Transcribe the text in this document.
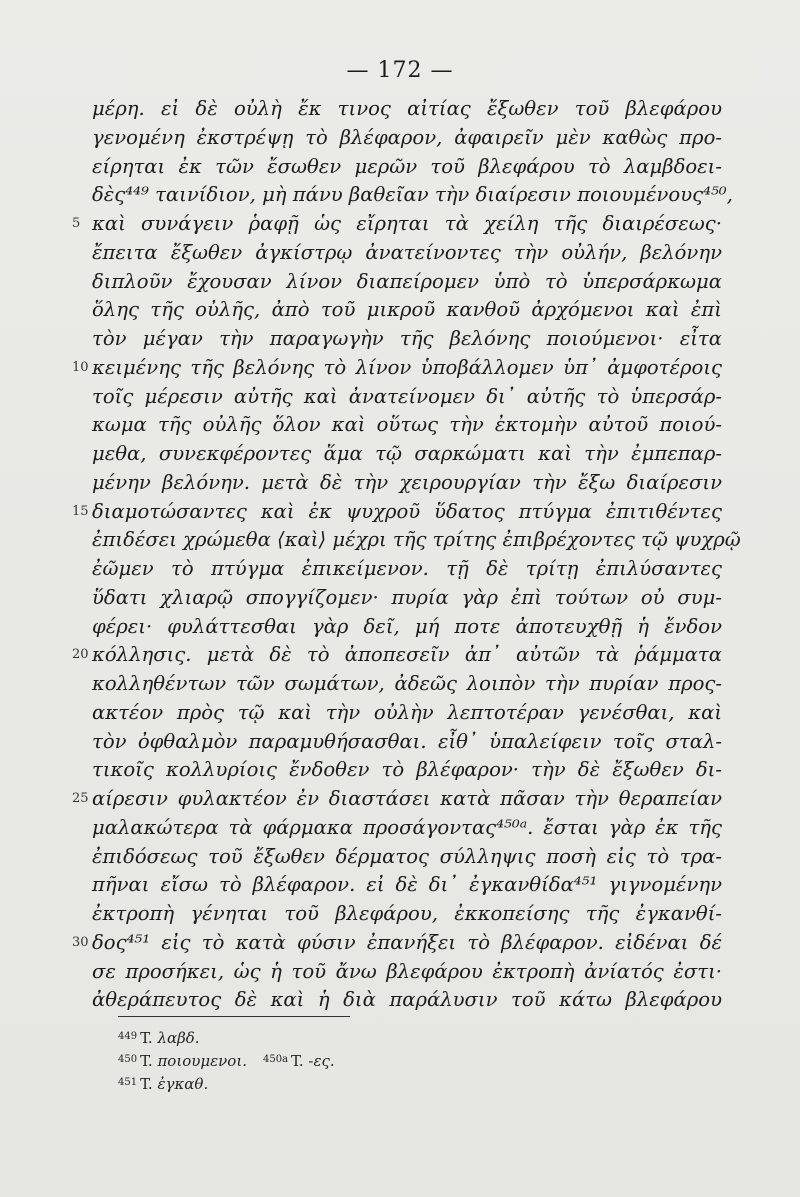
— 172 —
μέρη. εἰ δὲ οὐλὴ ἔκ τινος αἰτίας ἔξωθεν τοῦ βλεφάρου
γενομένη ἐκστρέψῃ τὸ βλέφαρον, ἀφαιρεῖν μὲν καθὼς προ-
είρηται ἐκ τῶν ἔσωθεν μερῶν τοῦ βλεφάρου τὸ λαμβδοει-
δὲς⁴⁴⁹ ταινίδιον, μὴ πάνυ βαθεῖαν τὴν διαίρεσιν ποιουμένους⁴⁵⁰,
5 καὶ συνάγειν ῥαφῇ ὡς εἴρηται τὰ χείλη τῆς διαιρέσεως·
ἔπειτα ἔξωθεν ἀγκίστρῳ ἀνατείνοντες τὴν οὐλήν, βελόνην
διπλοῦν ἔχουσαν λίνον διαπείρομεν ὑπὸ τὸ ὑπερσάρκωμα
ὅλης τῆς οὐλῆς, ἀπὸ τοῦ μικροῦ κανθοῦ ἀρχόμενοι καὶ ἐπὶ
τὸν μέγαν τὴν παραγωγὴν τῆς βελόνης ποιούμενοι· εἶτα
10 κειμένης τῆς βελόνης τὸ λίνον ὑποβάλλομεν ὑπ᾽ ἀμφοτέροις
τοῖς μέρεσιν αὐτῆς καὶ ἀνατείνομεν δι᾽ αὐτῆς τὸ ὑπερσάρ-
κωμα τῆς οὐλῆς ὅλον καὶ οὕτως τὴν ἐκτομὴν αὐτοῦ ποιού-
μεθα, συνεκφέροντες ἅμα τῷ σαρκώματι καὶ τὴν ἐμπεπαρ-
μένην βελόνην. μετὰ δὲ τὴν χειρουργίαν τὴν ἔξω διαίρεσιν
15 διαμοτώσαντες καὶ ἐκ ψυχροῦ ὕδατος πτύγμα ἐπιτιθέντες
ἐπιδέσει χρώμεθα ⟨καὶ⟩ μέχρι τῆς τρίτης ἐπιβρέχοντες τῷ ψυχρῷ
ἐῶμεν τὸ πτύγμα ἐπικείμενον. τῇ δὲ τρίτῃ ἐπιλύσαντες
ὕδατι χλιαρῷ σπογγίζομεν· πυρία γὰρ ἐπὶ τούτων οὐ συμ-
φέρει· φυλάττεσθαι γὰρ δεῖ, μή ποτε ἀποτευχθῇ ἡ ἔνδον
20 κόλλησις. μετὰ δὲ τὸ ἀποπεσεῖν ἀπ᾽ αὐτῶν τὰ ῥάμματα
κολληθέντων τῶν σωμάτων, ἀδεῶς λοιπὸν τὴν πυρίαν προς-
ακτέον πρὸς τῷ καὶ τὴν οὐλὴν λεπτοτέραν γενέσθαι, καὶ
τὸν ὀφθαλμὸν παραμυθήσασθαι. εἶθ᾽ ὑπαλείφειν τοῖς σταλ-
τικοῖς κολλυρίοις ἔνδοθεν τὸ βλέφαρον· τὴν δὲ ἔξωθεν δι-
25 αίρεσιν φυλακτέον ἐν διαστάσει κατὰ πᾶσαν τὴν θεραπείαν
μαλακώτερα τὰ φάρμακα προσάγοντας⁴⁵⁰ᵃ. ἔσται γὰρ ἐκ τῆς
ἐπιδόσεως τοῦ ἔξωθεν δέρματος σύλληψις ποσὴ εἰς τὸ τρα-
πῆναι εἴσω τὸ βλέφαρον. εἰ δὲ δι᾽ ἐγκανθίδα⁴⁵¹ γιγνομένην
ἐκτροπὴ γένηται τοῦ βλεφάρου, ἐκκοπείσης τῆς ἐγκανθί-
30 δος⁴⁵¹ εἰς τὸ κατὰ φύσιν ἐπανήξει τὸ βλέφαρον. εἰδέναι δέ
σε προσήκει, ὡς ἡ τοῦ ἄνω βλεφάρου ἐκτροπὴ ἀνίατός ἐστι·
ἀθεράπευτος δὲ καὶ ἡ διὰ παράλυσιν τοῦ κάτω βλεφάρου
$^{449}$ T. λαβδ.
$^{450}$ T. ποιουμενοι. $^{450a}$ T. -ες.
$^{451}$ T. ἐγκαθ.
